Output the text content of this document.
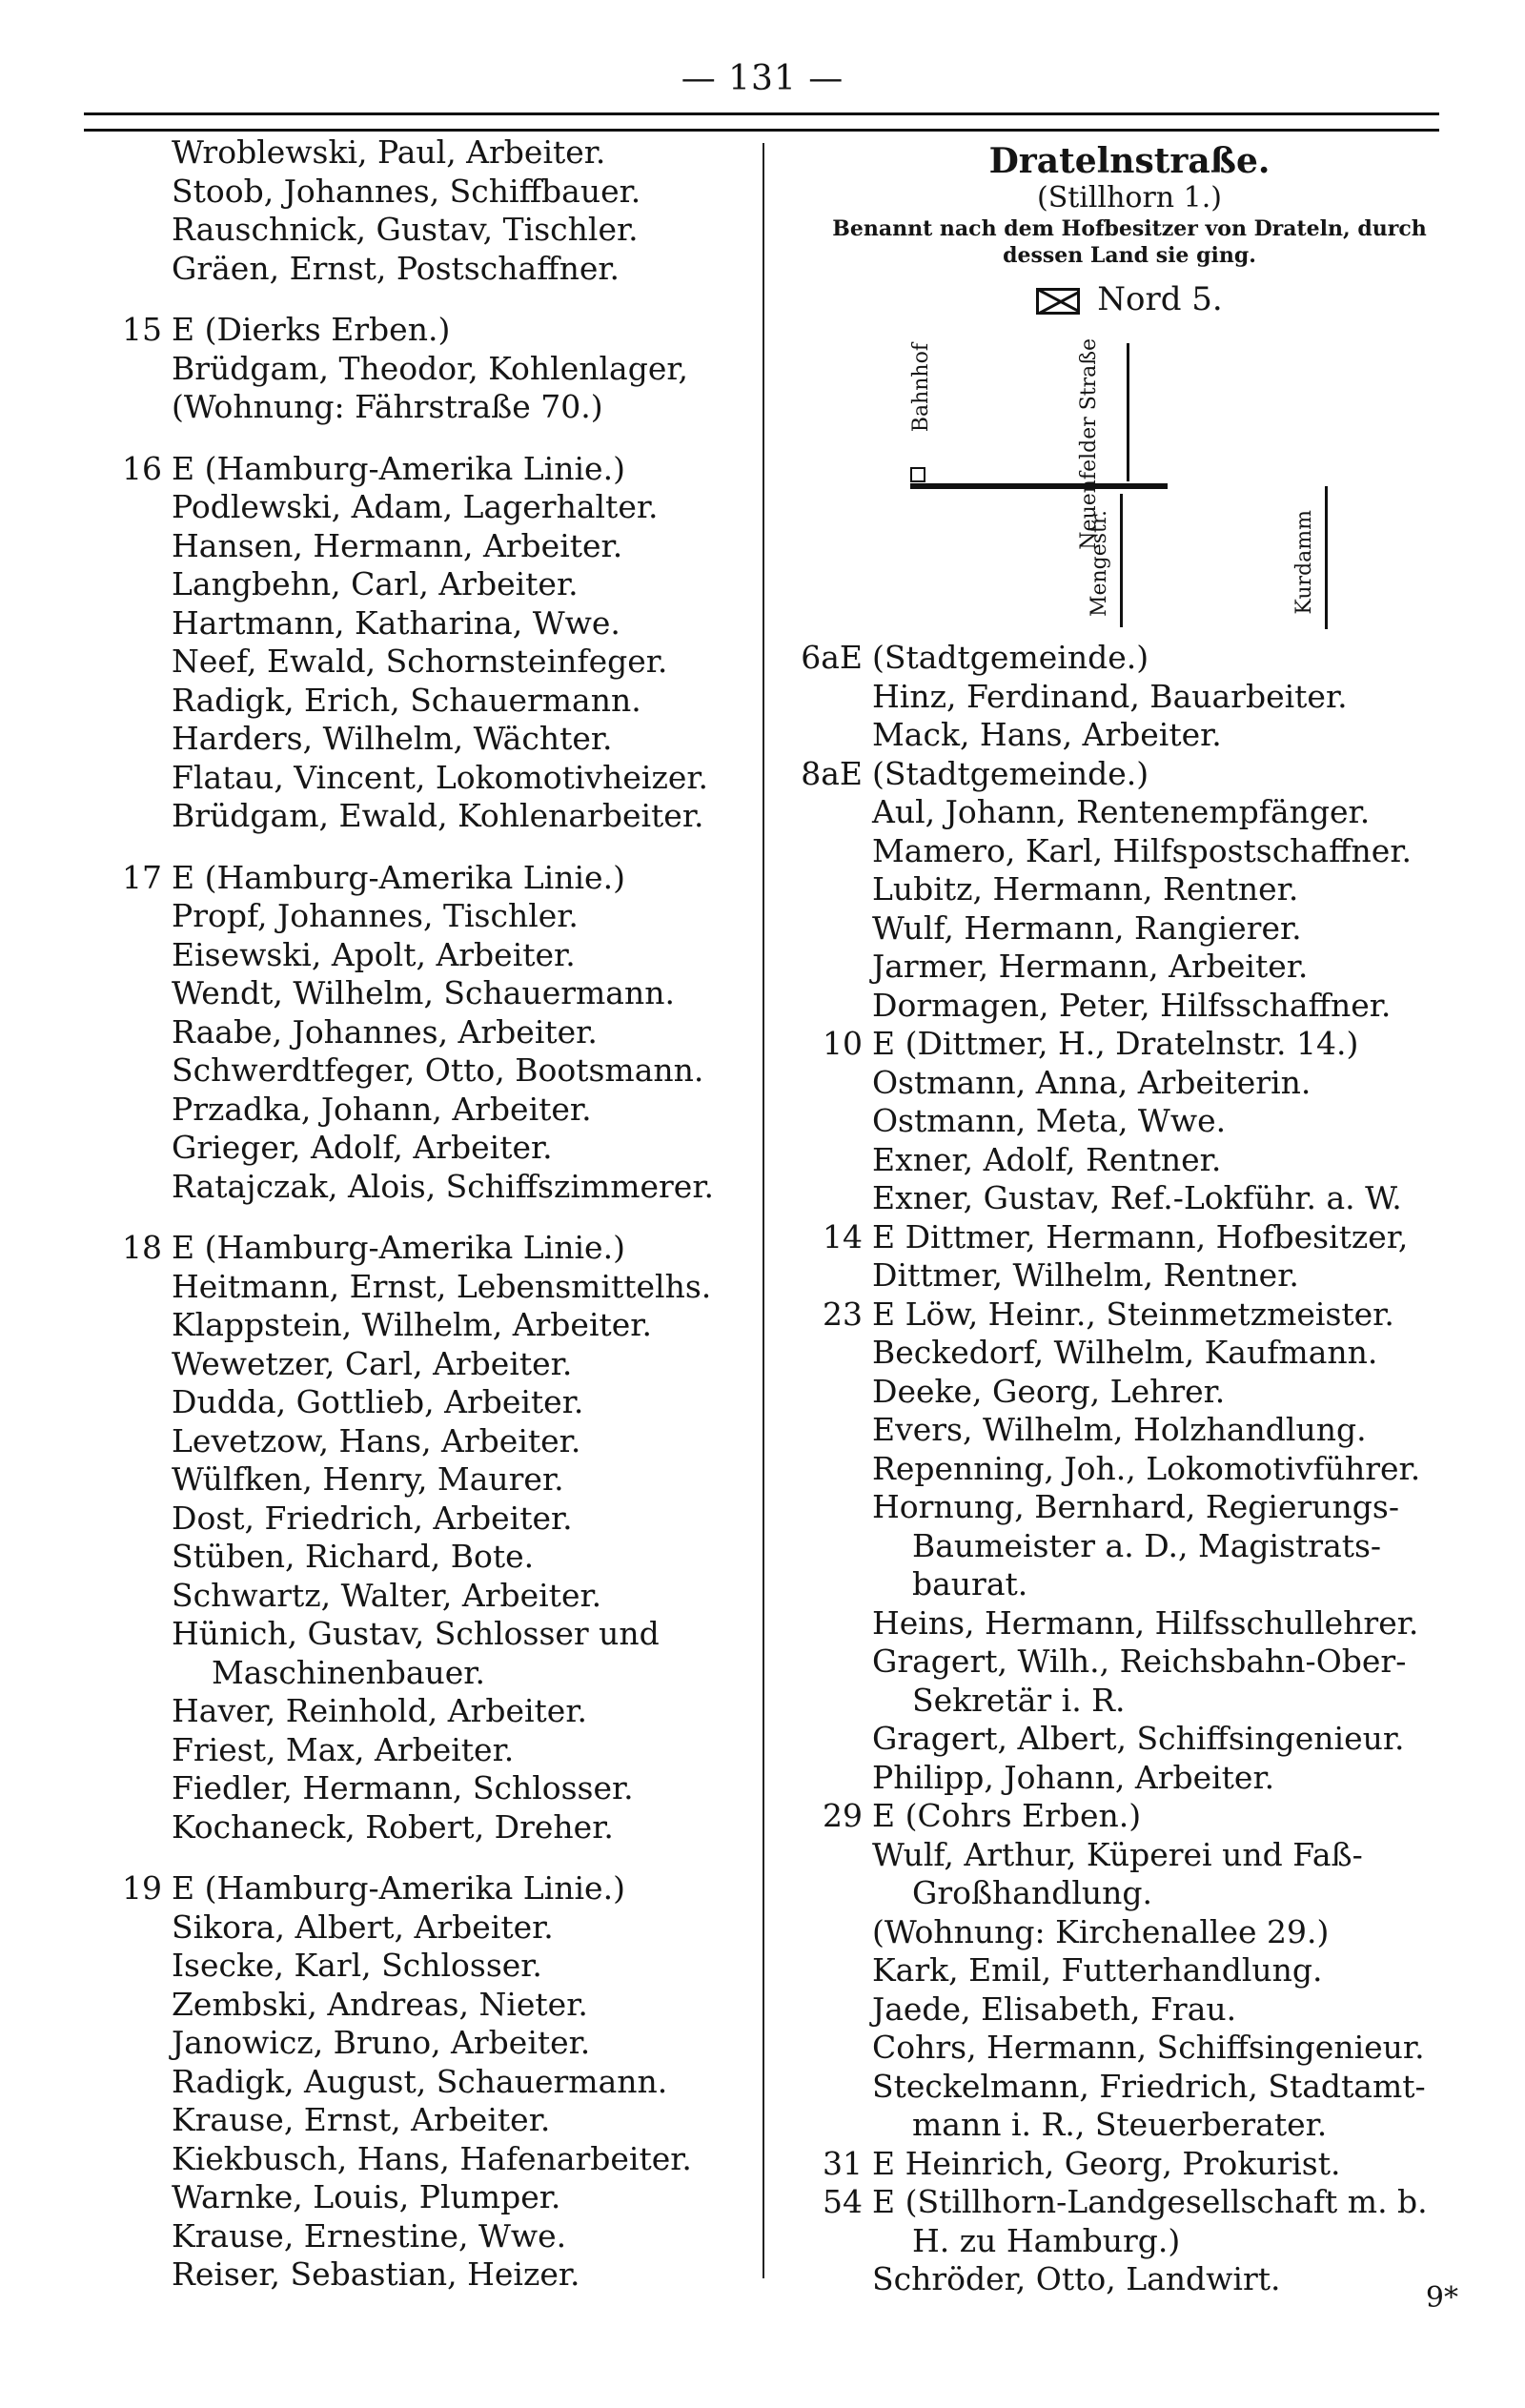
— 131 —
Wroblewski, Paul, Arbeiter.
Stoob, Johannes, Schiffbauer.
Rauschnick, Gustav, Tischler.
Gräen, Ernst, Postschaffner.
15 E (Dierks Erben.)
Brüdgam, Theodor, Kohlenlager,
(Wohnung: Fährstraße 70.)
16 E (Hamburg-Amerika Linie.)
Podlewski, Adam, Lagerhalter.
Hansen, Hermann, Arbeiter.
Langbehn, Carl, Arbeiter.
Hartmann, Katharina, Wwe.
Neef, Ewald, Schornsteinfeger.
Radigk, Erich, Schauermann.
Harders, Wilhelm, Wächter.
Flatau, Vincent, Lokomotivheizer.
Brüdgam, Ewald, Kohlenarbeiter.
17 E (Hamburg-Amerika Linie.)
Propf, Johannes, Tischler.
Eisewski, Apolt, Arbeiter.
Wendt, Wilhelm, Schauermann.
Raabe, Johannes, Arbeiter.
Schwerdtfeger, Otto, Bootsmann.
Przadka, Johann, Arbeiter.
Grieger, Adolf, Arbeiter.
Ratajczak, Alois, Schiffszimmerer.
18 E (Hamburg-Amerika Linie.)
Heitmann, Ernst, Lebensmittelhs.
Klappstein, Wilhelm, Arbeiter.
Wewetzer, Carl, Arbeiter.
Dudda, Gottlieb, Arbeiter.
Levetzow, Hans, Arbeiter.
Wülfken, Henry, Maurer.
Dost, Friedrich, Arbeiter.
Stüben, Richard, Bote.
Schwartz, Walter, Arbeiter.
Hünich, Gustav, Schlosser und
Maschinenbauer.
Haver, Reinhold, Arbeiter.
Friest, Max, Arbeiter.
Fiedler, Hermann, Schlosser.
Kochaneck, Robert, Dreher.
19 E (Hamburg-Amerika Linie.)
Sikora, Albert, Arbeiter.
Isecke, Karl, Schlosser.
Zembski, Andreas, Nieter.
Janowicz, Bruno, Arbeiter.
Radigk, August, Schauermann.
Krause, Ernst, Arbeiter.
Kiekbusch, Hans, Hafenarbeiter.
Warnke, Louis, Plumper.
Krause, Ernestine, Wwe.
Reiser, Sebastian, Heizer.
Dratelnstraße.
(Stillhorn 1.)
Benannt nach dem Hofbesitzer von Drateln, durch dessen Land sie ging.
Nord 5.
Bahnhof	Neuenfelder Straße
Mengestr.	Kurdamm
6aE (Stadtgemeinde.)
Hinz, Ferdinand, Bauarbeiter.
Mack, Hans, Arbeiter.
8aE (Stadtgemeinde.)
Aul, Johann, Rentenempfänger.
Mamero, Karl, Hilfspostschaffner.
Lubitz, Hermann, Rentner.
Wulf, Hermann, Rangierer.
Jarmer, Hermann, Arbeiter.
Dormagen, Peter, Hilfsschaffner.
10 E (Dittmer, H., Dratelnstr. 14.)
Ostmann, Anna, Arbeiterin.
Ostmann, Meta, Wwe.
Exner, Adolf, Rentner.
Exner, Gustav, Ref.-Lokführ. a. W.
14 E Dittmer, Hermann, Hofbesitzer,
Dittmer, Wilhelm, Rentner.
23 E Löw, Heinr., Steinmetzmeister.
Beckedorf, Wilhelm, Kaufmann.
Deeke, Georg, Lehrer.
Evers, Wilhelm, Holzhandlung.
Repenning, Joh., Lokomotivführer.
Hornung, Bernhard, Regierungs-
Baumeister a. D., Magistrats-
baurat.
Heins, Hermann, Hilfsschullehrer.
Gragert, Wilh., Reichsbahn-Ober-
Sekretär i. R.
Gragert, Albert, Schiffsingenieur.
Philipp, Johann, Arbeiter.
29 E (Cohrs Erben.)
Wulf, Arthur, Küperei und Faß-
Großhandlung.
(Wohnung: Kirchenallee 29.)
Kark, Emil, Futterhandlung.
Jaede, Elisabeth, Frau.
Cohrs, Hermann, Schiffsingenieur.
Steckelmann, Friedrich, Stadtamt-
mann i. R., Steuerberater.
31 E Heinrich, Georg, Prokurist.
54 E (Stillhorn-Landgesellschaft m. b.
H. zu Hamburg.)
Schröder, Otto, Landwirt.
9*
